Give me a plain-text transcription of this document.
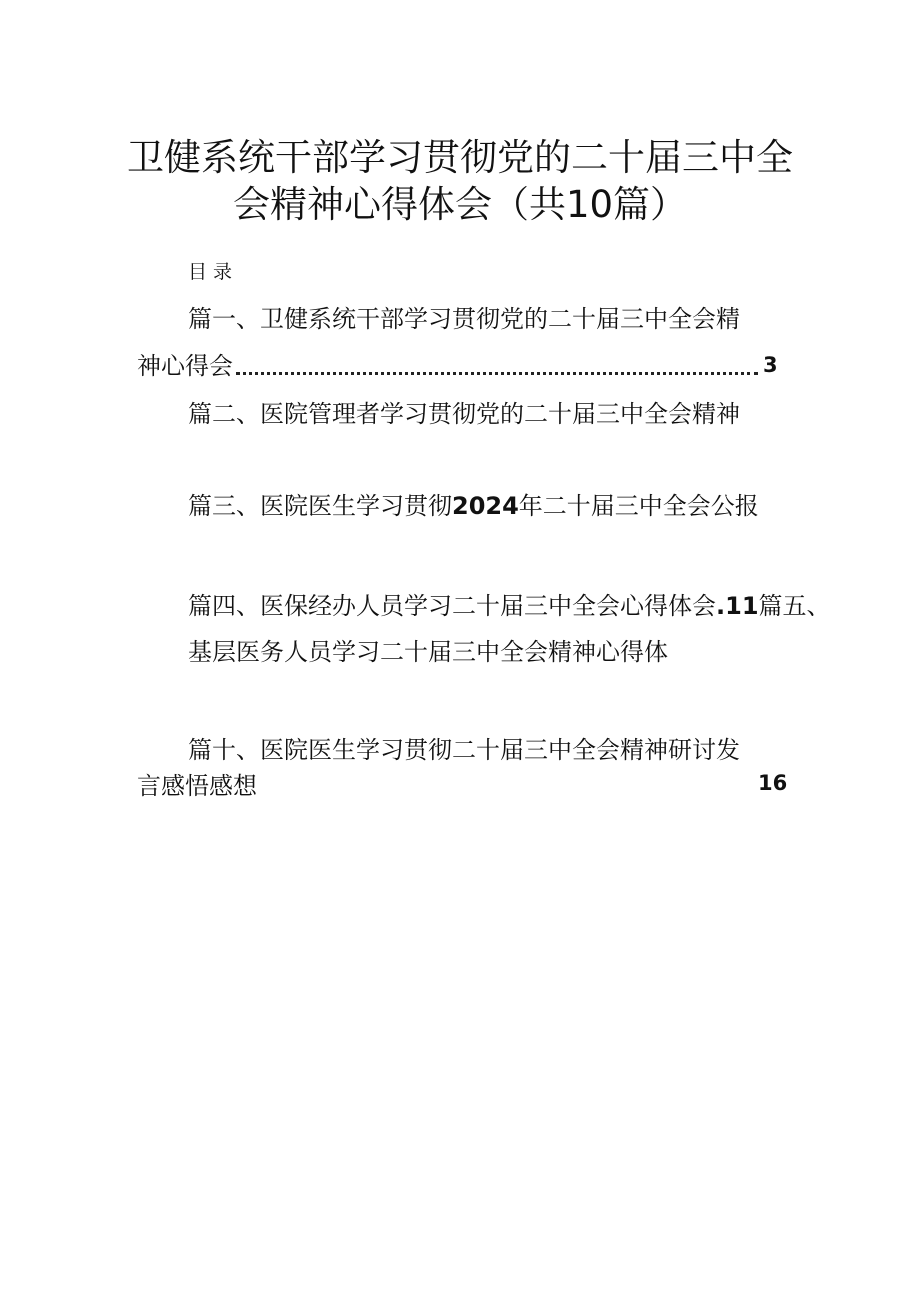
卫健系统干部学习贯彻党的二十届三中全
会精神心得体会（共10篇）
目录
篇一、卫健系统干部学习贯彻党的二十届三中全会精
神心得会	3
篇二、医院管理者学习贯彻党的二十届三中全会精神
篇三、医院医生学习贯彻2024年二十届三中全会公报
篇四、医保经办人员学习二十届三中全会心得体会.11篇五、
基层医务人员学习二十届三中全会精神心得体
篇十、医院医生学习贯彻二十届三中全会精神研讨发
言感悟感想	16
